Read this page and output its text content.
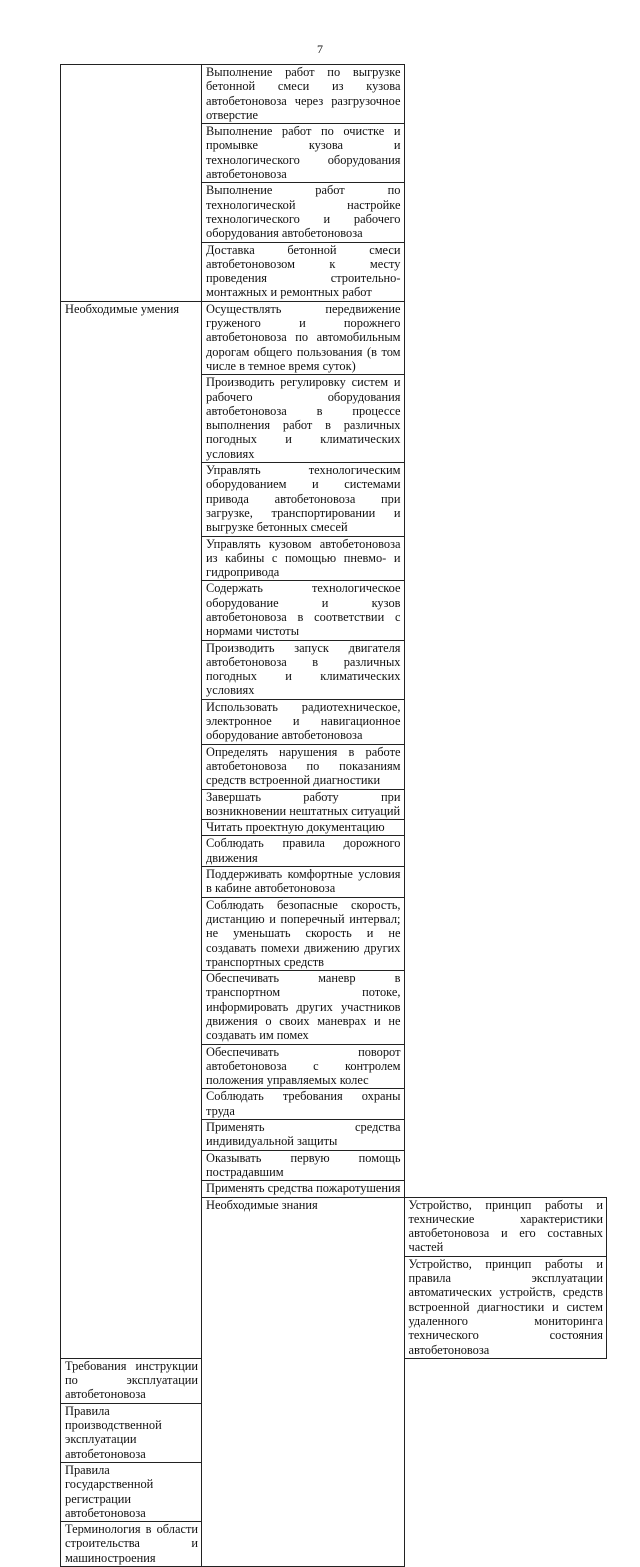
7
	Выполнение работ по выгрузке бетонной смеси из кузова автобетоновоза через разгрузочное отверстие	
	Выполнение работ по очистке и промывке кузова и технологического оборудования автобетоновоза	
	Выполнение работ по технологической настройке технологического и рабочего оборудования автобетоновоза	
	Доставка бетонной смеси автобетоновозом к месту проведения строительно-монтажных и ремонтных работ	
Необходимые умения	Осуществлять передвижение груженого и порожнего автобетоновоза по автомобильным дорогам общего пользования (в том числе в темное время суток)	
	Производить регулировку систем и рабочего оборудования автобетоновоза в процессе выполнения работ в различных погодных и климатических условиях	
	Управлять технологическим оборудованием и системами привода автобетоновоза при загрузке, транспортировании и выгрузке бетонных смесей	
	Управлять кузовом автобетоновоза из кабины с помощью пневмо- и гидропривода	
	Содержать технологическое оборудование и кузов автобетоновоза в соответствии с нормами чистоты	
	Производить запуск двигателя автобетоновоза в различных погодных и климатических условиях	
	Использовать радиотехническое, электронное и навигационное оборудование автобетоновоза	
	Определять нарушения в работе автобетоновоза по показаниям средств встроенной диагностики	
	Завершать работу при возникновении нештатных ситуаций	
	Читать проектную документацию	
	Соблюдать правила дорожного движения	
	Поддерживать комфортные условия в кабине автобетоновоза	
	Соблюдать безопасные скорость, дистанцию и поперечный интервал; не уменьшать скорость и не создавать помехи движению других транспортных средств	
	Обеспечивать маневр в транспортном потоке, информировать других участников движения о своих маневрах и не создавать им помех	
	Обеспечивать поворот автобетоновоза с контролем положения управляемых колес	
	Соблюдать требования охраны труда	
	Применять средства индивидуальной защиты	
	Оказывать первую помощь пострадавшим	
	Применять средства пожаротушения	
	Необходимые знания	Устройство, принцип работы и технические характеристики автобетоновоза и его составных частей
		Устройство, принцип работы и правила эксплуатации автоматических устройств, средств встроенной диагностики и систем удаленного мониторинга технического состояния автобетоновоза
Требования инструкции по эксплуатации автобетоновоза		
Правила производственной эксплуатации автобетоновоза		
Правила государственной регистрации автобетоновоза		
Терминология в области строительства и машиностроения		
